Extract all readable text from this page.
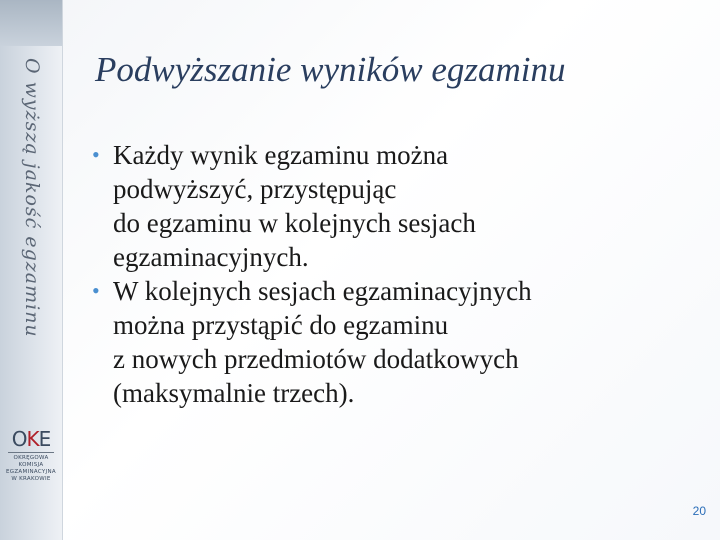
O wyższą jakość egzaminu
OKE
OKRĘGOWA
KOMISJA
EGZAMINACYJNA
W KRAKOWIE
Podwyższanie wyników egzaminu
• Każdy wynik egzaminu można
podwyższyć, przystępując
do egzaminu w kolejnych sesjach
egzaminacyjnych.
• W kolejnych sesjach egzaminacyjnych
można przystąpić do egzaminu
z nowych przedmiotów dodatkowych
(maksymalnie trzech).
20
